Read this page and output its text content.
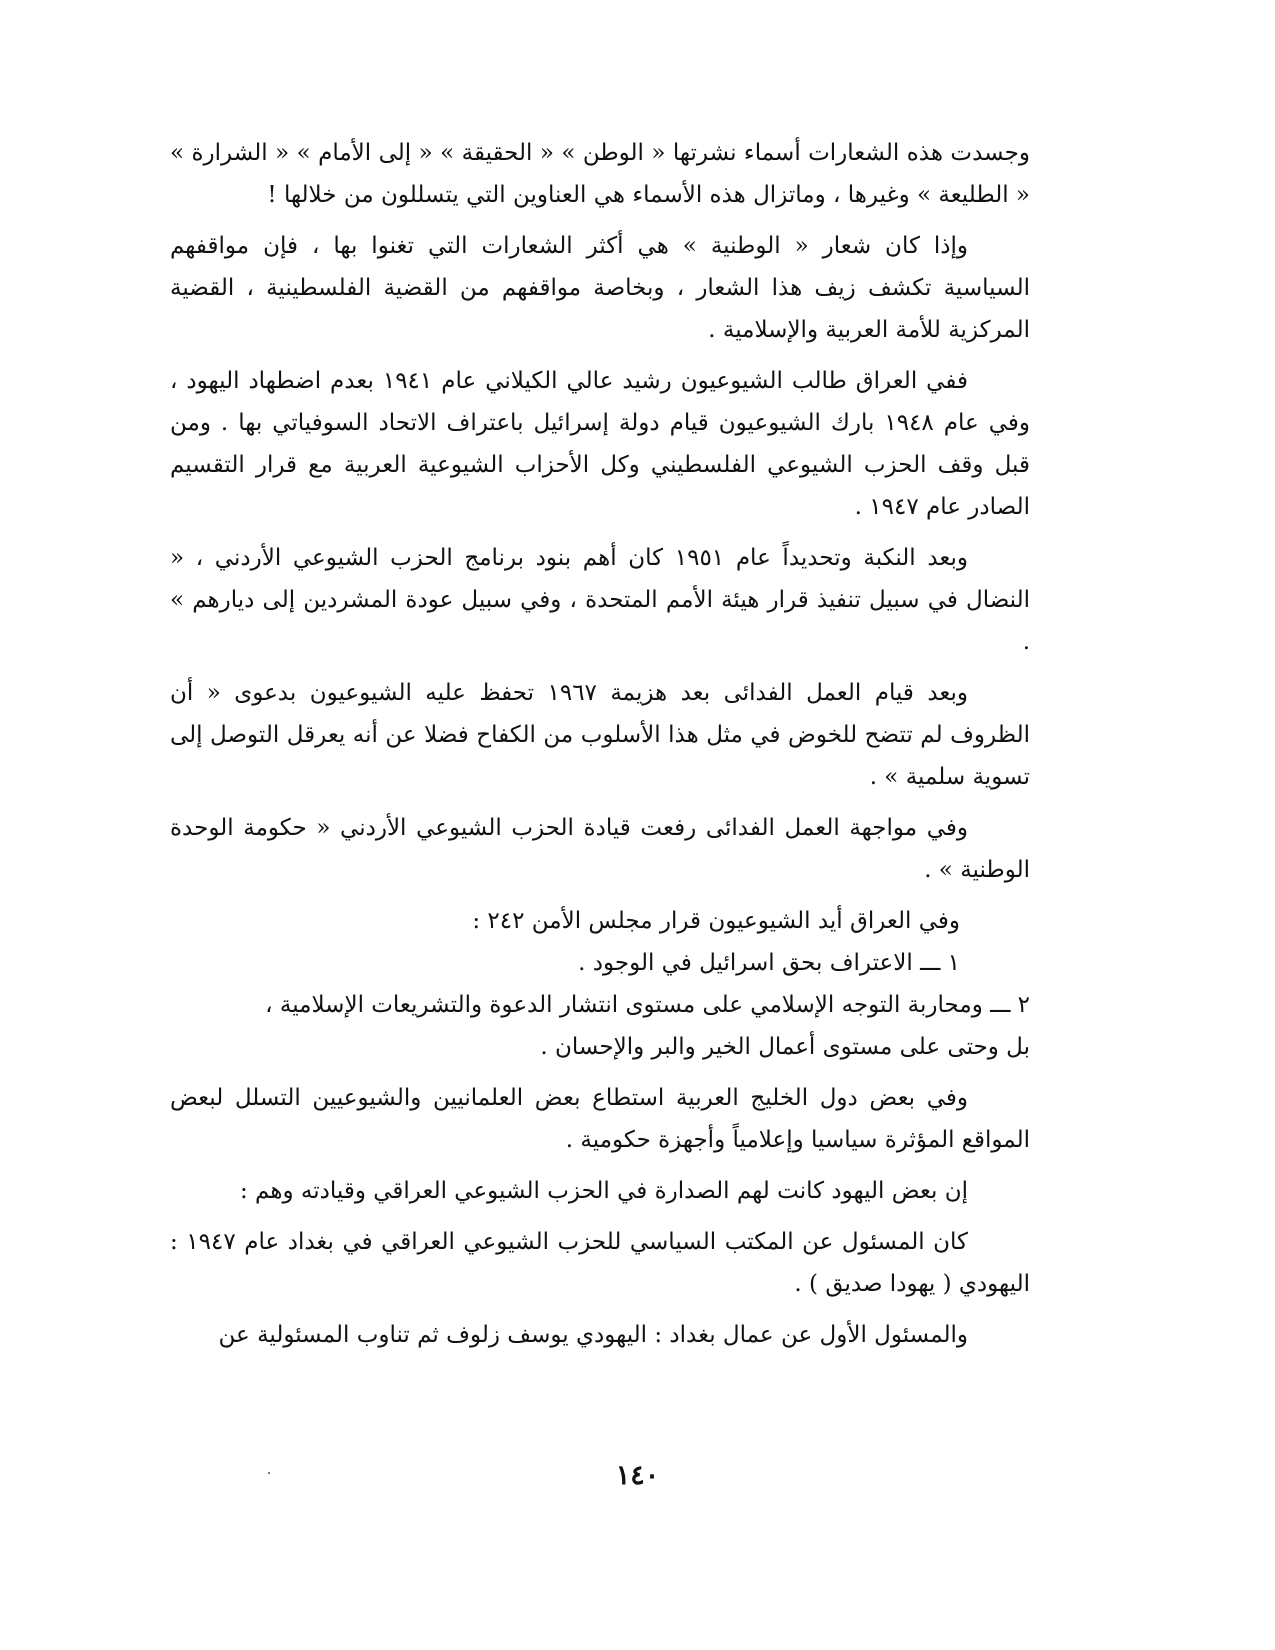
وجسدت هذه الشعارات أسماء نشرتها « الوطن » « الحقيقة » « إلى الأمام » « الشرارة » « الطليعة » وغيرها ، وماتزال هذه الأسماء هي العناوين التي يتسللون من خلالها !

وإذا كان شعار « الوطنية » هي أكثر الشعارات التي تغنوا بها ، فإن مواقفهم السياسية تكشف زيف هذا الشعار ، وبخاصة مواقفهم من القضية الفلسطينية ، القضية المركزية للأمة العربية والإسلامية .

ففي العراق طالب الشيوعيون رشيد عالي الكيلاني عام ١٩٤١ بعدم اضطهاد اليهود ، وفي عام ١٩٤٨ بارك الشيوعيون قيام دولة إسرائيل باعتراف الاتحاد السوفياتي بها . ومن قبل وقف الحزب الشيوعي الفلسطيني وكل الأحزاب الشيوعية العربية مع قرار التقسيم الصادر عام ١٩٤٧ .

وبعد النكبة وتحديداً عام ١٩٥١ كان أهم بنود برنامج الحزب الشيوعي الأردني ، « النضال في سبيل تنفيذ قرار هيئة الأمم المتحدة ، وفي سبيل عودة المشردين إلى ديارهم » .

وبعد قيام العمل الفدائى بعد هزيمة ١٩٦٧ تحفظ عليه الشيوعيون بدعوى « أن الظروف لم تتضح للخوض في مثل هذا الأسلوب من الكفاح فضلا عن أنه يعرقل التوصل إلى تسوية سلمية » .

وفي مواجهة العمل الفدائى رفعت قيادة الحزب الشيوعي الأردني « حكومة الوحدة الوطنية » .

وفي العراق أيد الشيوعيون قرار مجلس الأمن ٢٤٢ :

١ ـــ الاعتراف بحق اسرائيل في الوجود .

٢ ـــ ومحاربة التوجه الإسلامي على مستوى انتشار الدعوة والتشريعات الإسلامية ،

بل وحتى على مستوى أعمال الخير والبر والإحسان .

وفي بعض دول الخليج العربية استطاع بعض العلمانيين والشيوعيين التسلل لبعض المواقع المؤثرة سياسيا وإعلامياً وأجهزة حكومية .

إن بعض اليهود كانت لهم الصدارة في الحزب الشيوعي العراقي وقيادته وهم :

كان المسئول عن المكتب السياسي للحزب الشيوعي العراقي في بغداد عام ١٩٤٧ : اليهودي ( يهودا صديق ) .

والمسئول الأول عن عمال بغداد : اليهودي يوسف زلوف ثم تناوب المسئولية عن

١٤٠
